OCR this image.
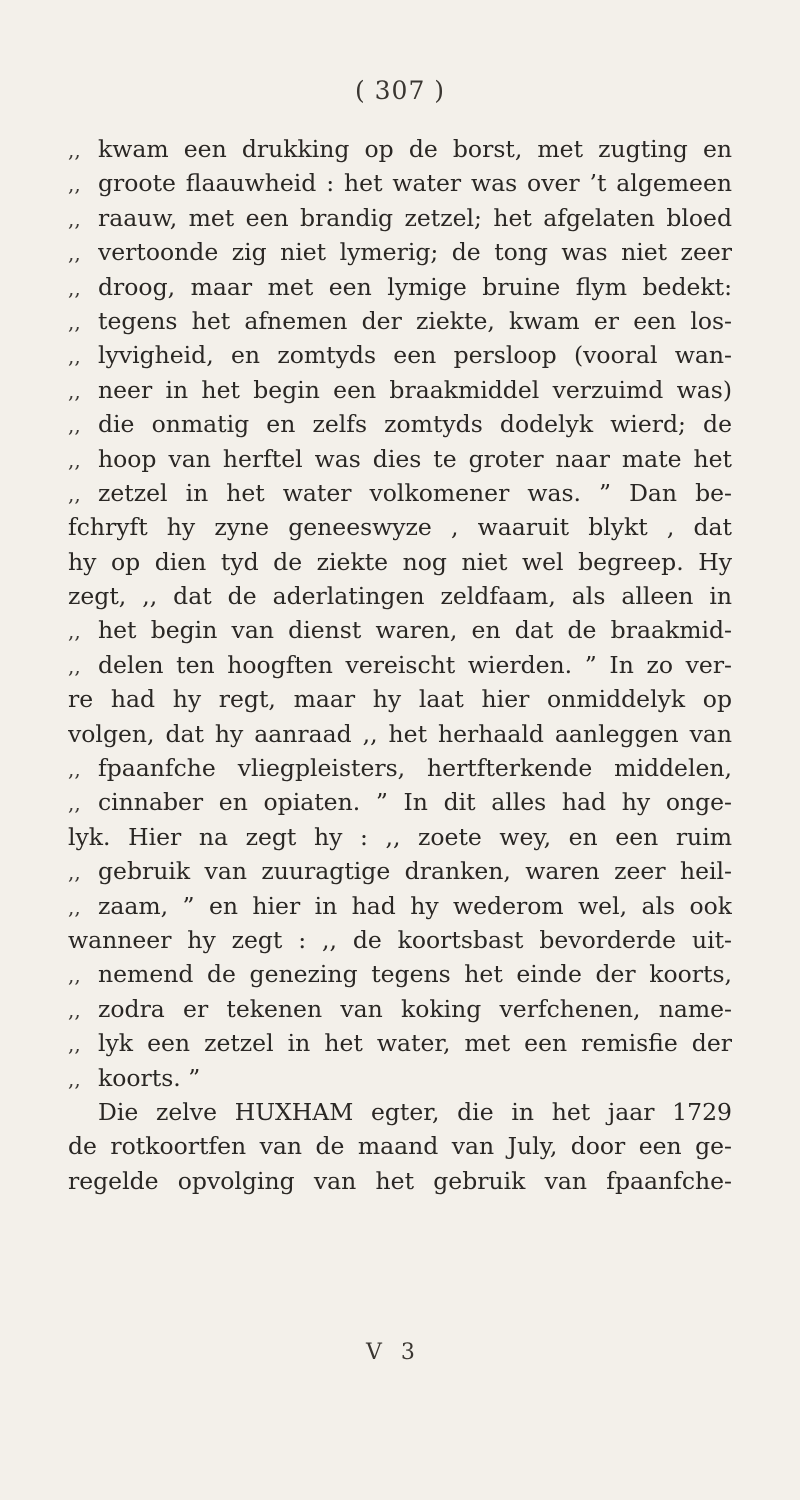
( 307 )
,, kwam een drukking op de borst, met zugting en
,, groote flaauwheid : het water was over ’t algemeen
,, raauw, met een brandig zetzel; het afgelaten bloed
,, vertoonde zig niet lymerig; de tong was niet zeer
,, droog, maar met een lymige bruine flym bedekt:
,, tegens het afnemen der ziekte, kwam er een los-
,, lyvigheid, en zomtyds een persloop (vooral wan-
,, neer in het begin een braakmiddel verzuimd was)
,, die onmatig en zelfs zomtyds dodelyk wierd; de
,, hoop van herftel was dies te groter naar mate het
,, zetzel in het water volkomener was. ” Dan be-
fchryft hy zyne geneeswyze , waaruit blykt , dat
hy op dien tyd de ziekte nog niet wel begreep. Hy
zegt, ,, dat de aderlatingen zeldfaam, als alleen in
,, het begin van dienst waren, en dat de braakmid-
,, delen ten hoogften vereischt wierden. ” In zo ver-
re had hy regt, maar hy laat hier onmiddelyk op
volgen, dat hy aanraad ,, het herhaald aanleggen van
,, fpaanfche vliegpleisters, hertfterkende middelen,
,, cinnaber en opiaten. ” In dit alles had hy onge-
lyk. Hier na zegt hy : ,, zoete wey, en een ruim
,, gebruik van zuuragtige dranken, waren zeer heil-
,, zaam, ” en hier in had hy wederom wel, als ook
wanneer hy zegt : ,, de koortsbast bevorderde uit-
,, nemend de genezing tegens het einde der koorts,
,, zodra er tekenen van koking verfchenen, name-
,, lyk een zetzel in het water, met een remisfie der
,, koorts. ”
Die zelve HUXHAM egter, die in het jaar 1729
de rotkoortfen van de maand van July, door een ge-
regelde opvolging van het gebruik van fpaanfche-
V 3
